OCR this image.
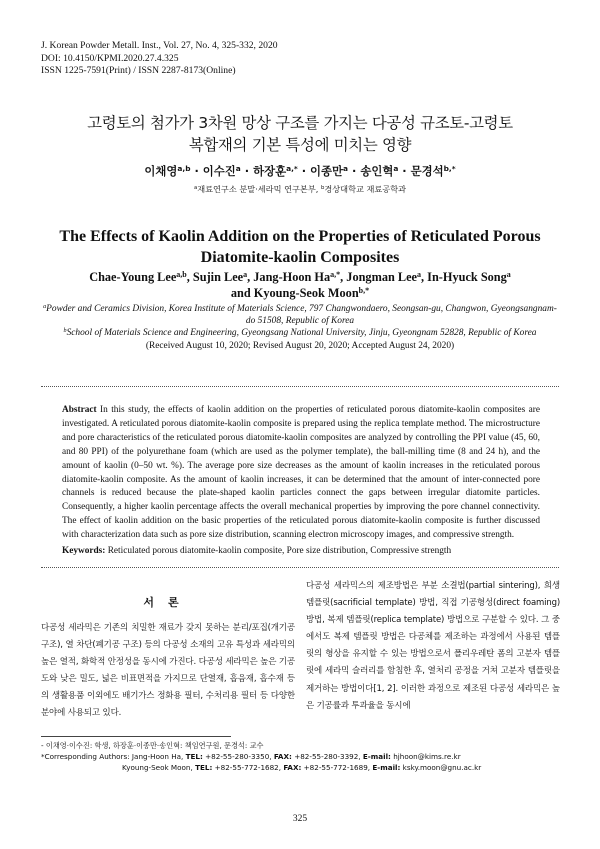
J. Korean Powder Metall. Inst., Vol. 27, No. 4, 325-332, 2020
DOI: 10.4150/KPMI.2020.27.4.325
ISSN 1225-7591(Print) / ISSN 2287-8173(Online)
고령토의 첨가가 3차원 망상 구조를 가지는 다공성 규조토-고령토
복합재의 기본 특성에 미치는 영향
이채영$^{a,b}$ · 이수진$^a$ · 하장훈$^{a,*}$ · 이종만$^a$ · 송인혁$^a$ · 문경석$^{b,*}$
$^a$재료연구소 분말·세라믹 연구본부, $^b$경상대학교 재료공학과
The Effects of Kaolin Addition on the Properties of Reticulated Porous
Diatomite-kaolin Composites
Chae-Young Lee$^{a,b}$, Sujin Lee$^a$, Jang-Hoon $Ha^{a,*}$, Jongman Lee$^a$, In-Hyuck Song$^a$
and Kyoung-Seok Moon$^{b,*}$
$^a$Powder and Ceramics Division, Korea Institute of Materials Science, 797 Changwondaero, Seongsan-gu, Changwon, Gyeongsangnam-do 51508, Republic of Korea
$^b$School of Materials Science and Engineering, Gyeongsang National University, Jinju, Gyeongnam 52828, Republic of Korea
(Received August 10, 2020; Revised August 20, 2020; Accepted August 24, 2020)
Abstract In this study, the effects of kaolin addition on the properties of reticulated porous diatomite-kaolin composites are investigated. A reticulated porous diatomite-kaolin composite is prepared using the replica template method. The microstructure and pore characteristics of the reticulated porous diatomite-kaolin composites are analyzed by controlling the PPI value (45, 60, and 80 PPI) of the polyurethane foam (which are used as the polymer template), the ball-milling time (8 and 24 h), and the amount of kaolin (0–50 wt. %). The average pore size decreases as the amount of kaolin increases in the reticulated porous diatomite-kaolin composite. As the amount of kaolin increases, it can be determined that the amount of inter-connected pore channels is reduced because the plate-shaped kaolin particles connect the gaps between irregular diatomite particles. Consequently, a higher kaolin percentage affects the overall mechanical properties by improving the pore channel connectivity. The effect of kaolin addition on the basic properties of the reticulated porous diatomite-kaolin composite is further discussed with characterization data such as pore size distribution, scanning electron microscopy images, and compressive strength.
Keywords: Reticulated porous diatomite-kaolin composite, Pore size distribution, Compressive strength
서론
다공성 세라믹은 기존의 치밀한 재료가 갖지 못하는 분리/포집(개기공 구조), 열 차단(폐기공 구조) 등의 다공성 소재의 고유 특성과 세라믹의 높은 열적, 화학적 안정성을 동시에 가진다. 다공성 세라믹은 높은 기공도와 낮은 밀도, 넓은 비표면적을 가지므로 단열재, 흡음재, 흡수재 등의 생활용품 이외에도 배기가스 정화용 필터, 수처리용 필터 등 다양한 분야에 사용되고 있다.
다공성 세라믹스의 제조방법은 부분 소결법(partial sintering), 희생 템플릿(sacrificial template) 방법, 직접 기공형성(direct foaming) 방법, 복제 템플릿(replica template) 방법으로 구분할 수 있다. 그 중에서도 복제 템플릿 방법은 다공체를 제조하는 과정에서 사용된 템플릿의 형상을 유지할 수 있는 방법으로서 폴리우레탄 폼의 고분자 템플릿에 세라믹 슬러리를 함침한 후, 열처리 공정을 거쳐 고분자 템플릿을 제거하는 방법이다[1, 2]. 이러한 과정으로 제조된 다공성 세라믹은 높은 기공률과 투과율을 동시에
- 이채영·이수진: 학생, 하장훈·이종만·송인혁: 책임연구원, 문경석: 교수
*Corresponding Authors: Jang-Hoon Ha, TEL: +82-55-280-3350, FAX: +82-55-280-3392, E-mail: hjhoon@kims.re.kr
Kyoung-Seok Moon, TEL: +82-55-772-1682, FAX: +82-55-772-1689, E-mail: ksky.moon@gnu.ac.kr
325
